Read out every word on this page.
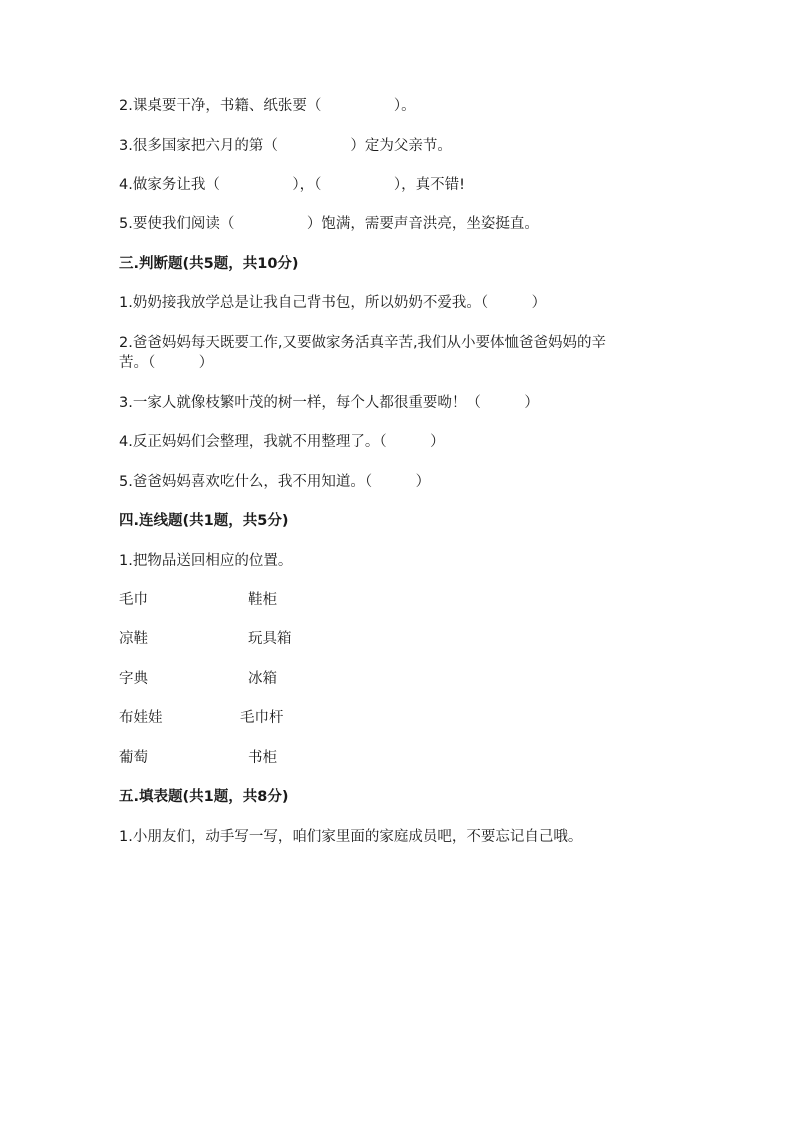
2.课桌要干净，书籍、纸张要（　　　　　）。
3.很多国家把六月的第（　　　　　）定为父亲节。
4.做家务让我（　　　　　），（　　　　　），真不错!
5.要使我们阅读（　　　　　）饱满，需要声音洪亮，坐姿挺直。
三.判断题(共5题，共10分)
1.奶奶接我放学总是让我自己背书包，所以奶奶不爱我。（　　　）
2.爸爸妈妈每天既要工作,又要做家务活真辛苦,我们从小要体恤爸爸妈妈的辛
苦。（　　　）
3.一家人就像枝繁叶茂的树一样，每个人都很重要呦！（　　　）
4.反正妈妈们会整理，我就不用整理了。（　　　）
5.爸爸妈妈喜欢吃什么，我不用知道。（　　　）
四.连线题(共1题，共5分)
1.把物品送回相应的位置。
毛巾	鞋柜
凉鞋	玩具箱
字典	冰箱
布娃娃	毛巾杆
葡萄	书柜
五.填表题(共1题，共8分)
1.小朋友们，动手写一写，咱们家里面的家庭成员吧，不要忘记自己哦。
